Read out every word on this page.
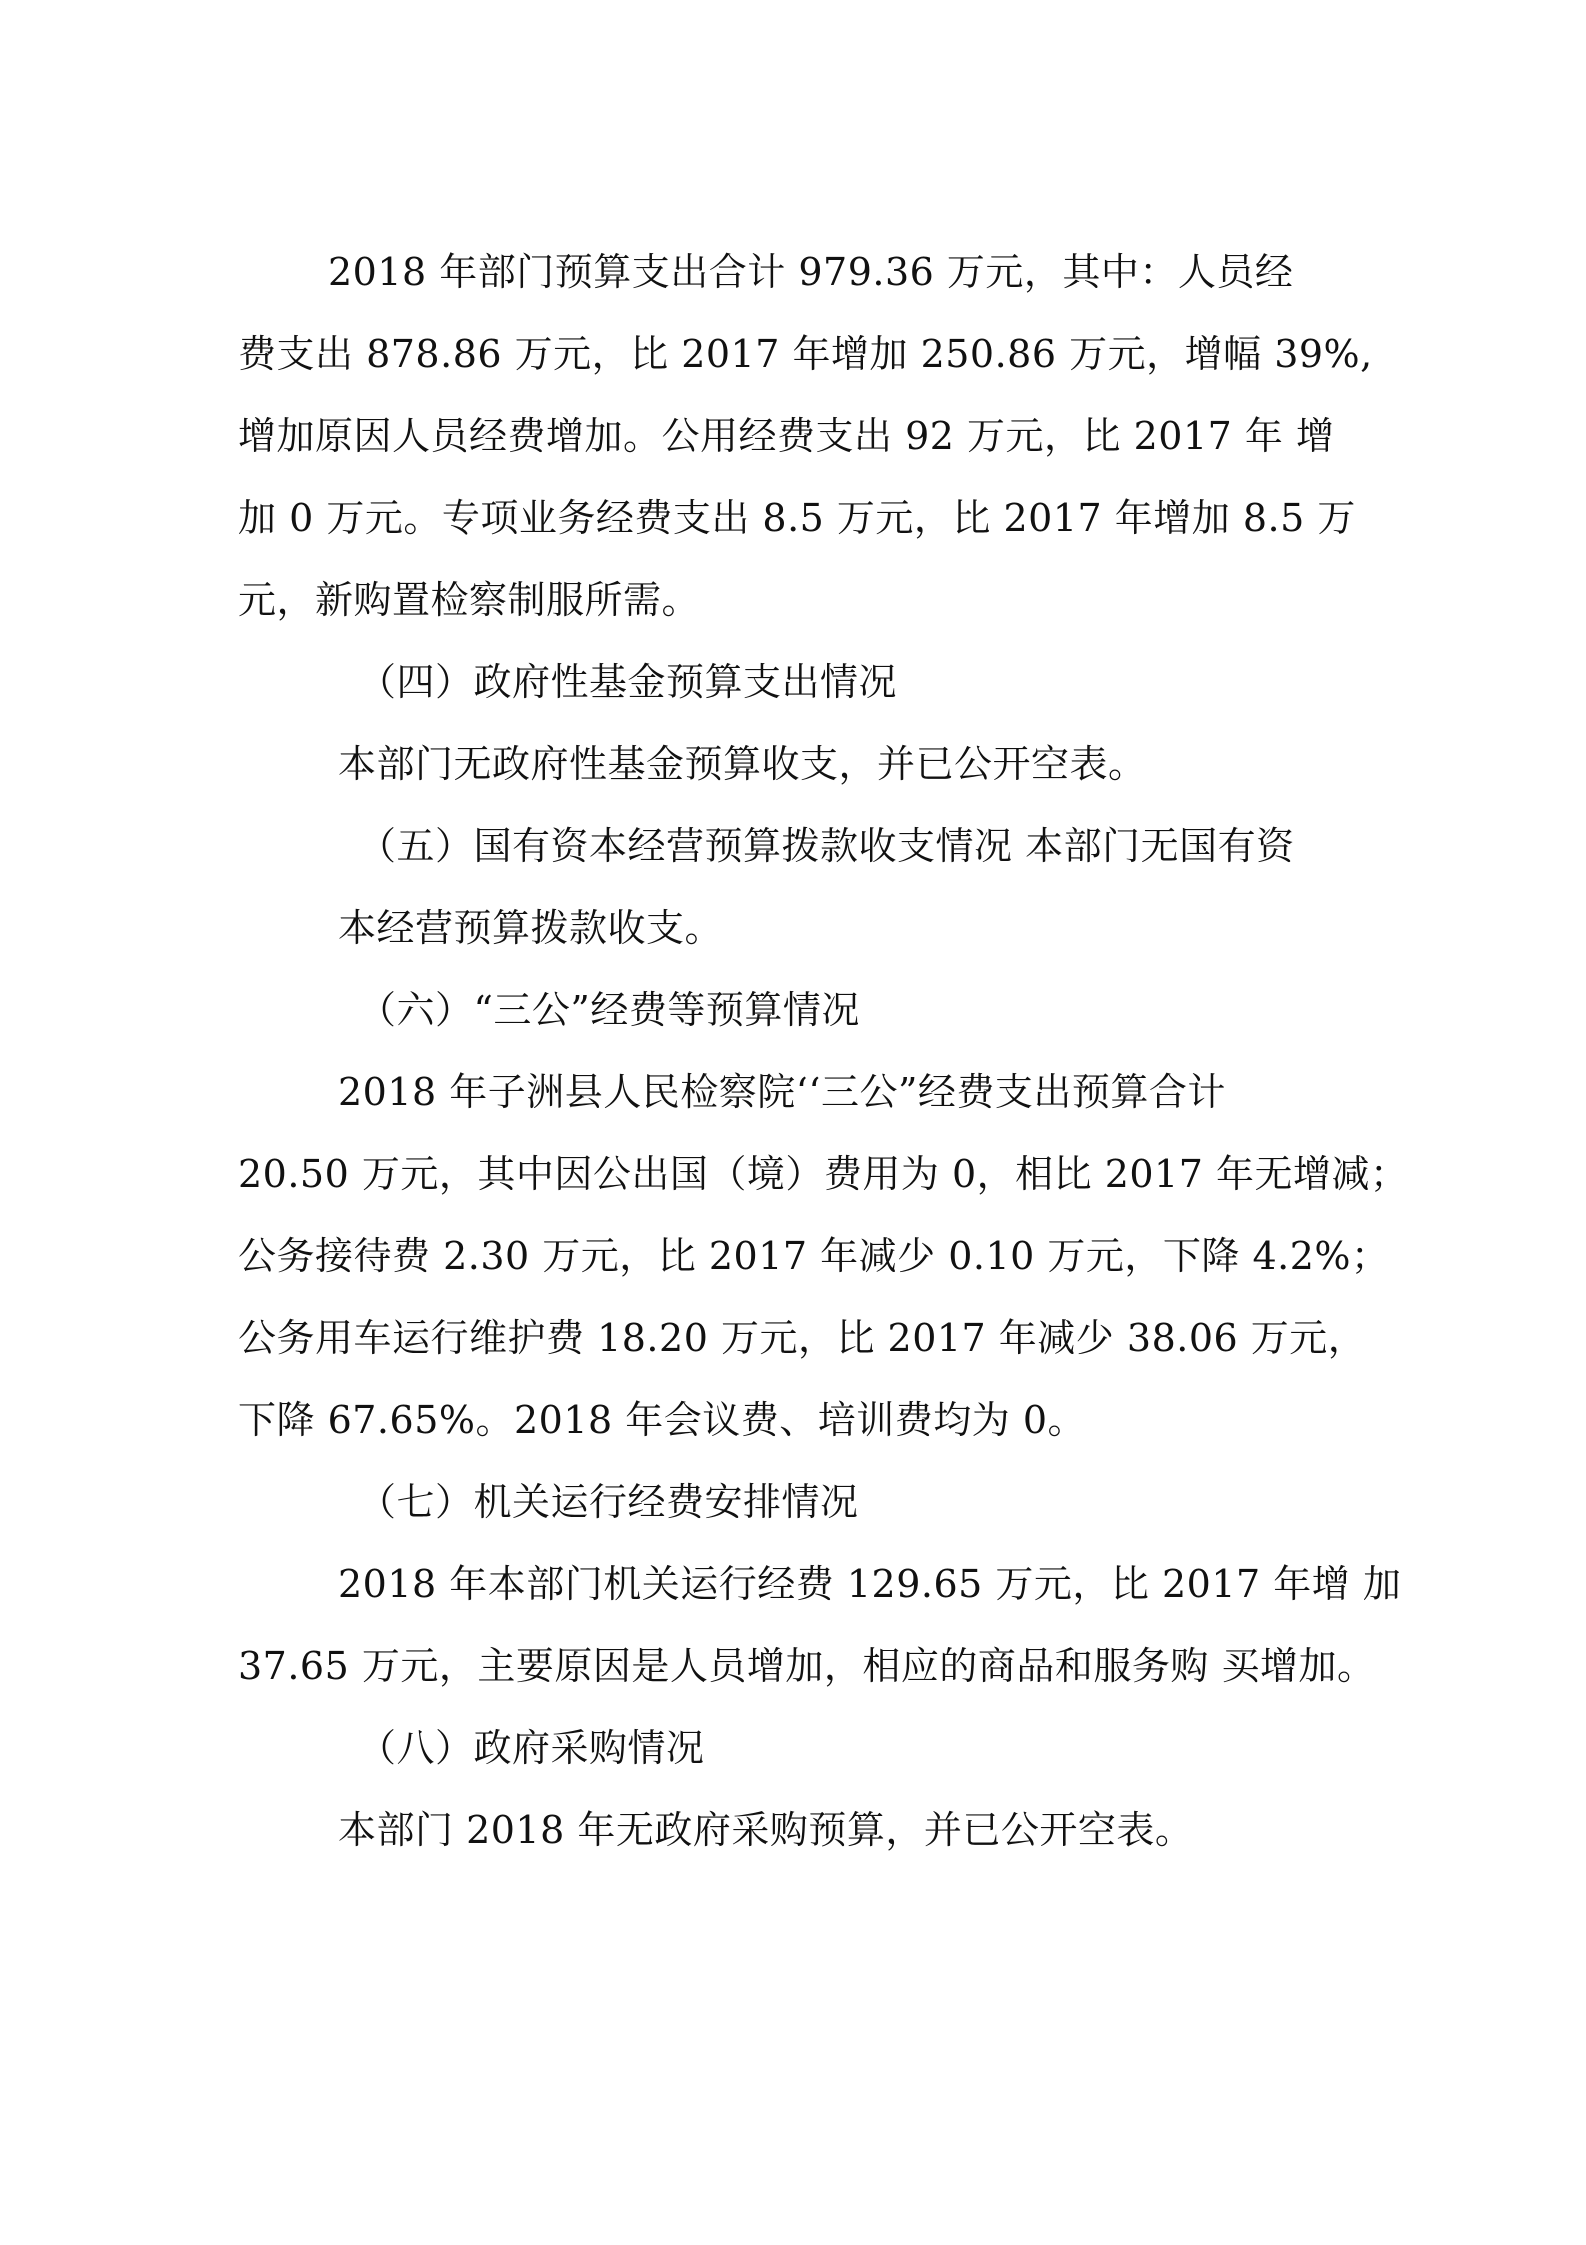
2018 年部门预算支出合计 979.36 万元，其中：人员经
费支出 878.86 万元，比 2017 年增加 250.86 万元，增幅 39%,
增加原因人员经费增加。公用经费支出 92 万元，比 2017 年 增
加 0 万元。专项业务经费支出 8.5 万元，比 2017 年增加 8.5 万
元，新购置检察制服所需。
（四）政府性基金预算支出情况
本部门无政府性基金预算收支，并已公开空表。
（五）国有资本经营预算拨款收支情况 本部门无国有资
本经营预算拨款收支。
（六）“三公”经费等预算情况
2018 年子洲县人民检察院‘‘三公”经费支出预算合计
20.50 万元，其中因公出国（境）费用为 0，相比 2017 年无增减；
公务接待费 2.30 万元，比 2017 年减少 0.10 万元，下降 4.2%；
公务用车运行维护费 18.20 万元，比 2017 年减少 38.06 万元，
下降 67.65%。2018 年会议费、培训费均为 0。
（七）机关运行经费安排情况
2018 年本部门机关运行经费 129.65 万元，比 2017 年增 加
37.65 万元，主要原因是人员增加，相应的商品和服务购 买增加。
（八）政府采购情况
本部门 2018 年无政府采购预算，并已公开空表。
